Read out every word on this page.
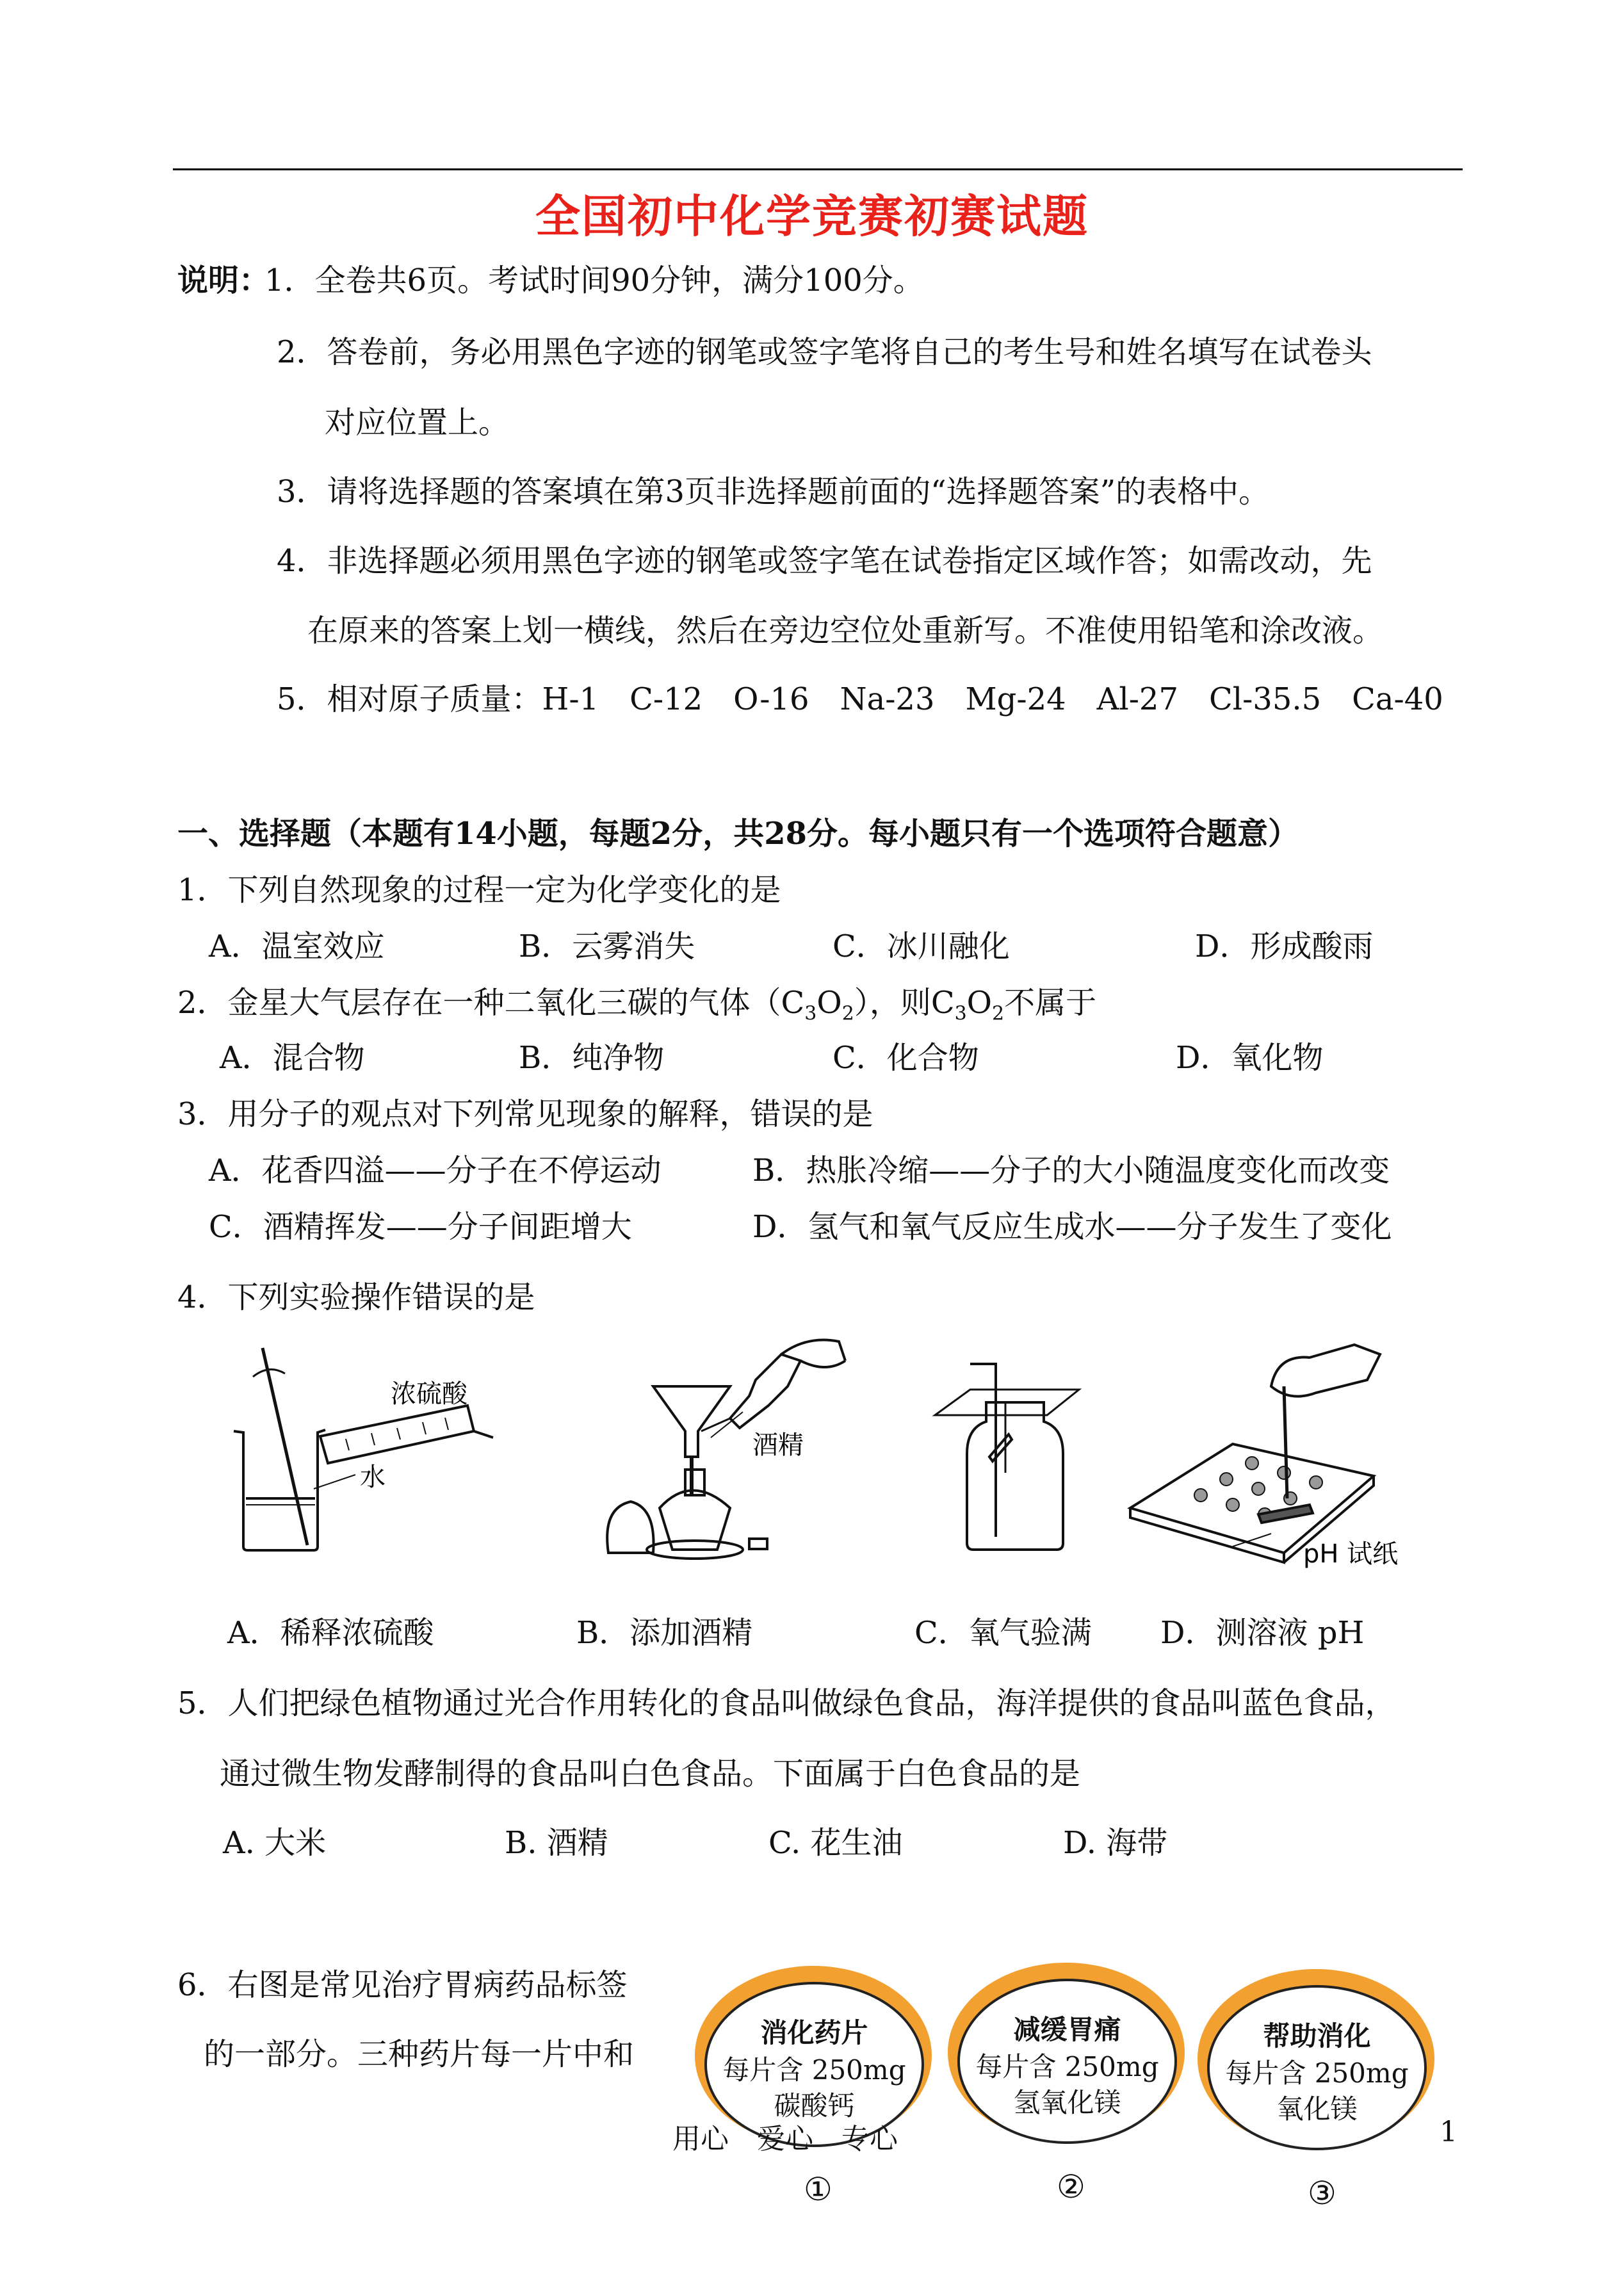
全国初中化学竞赛初赛试题
说明：
1．全卷共6页。考试时间90分钟，满分100分。
2．答卷前，务必用黑色字迹的钢笔或签字笔将自己的考生号和姓名填写在试卷头
对应位置上。
3．请将选择题的答案填在第3页非选择题前面的“选择题答案”的表格中。
4．非选择题必须用黑色字迹的钢笔或签字笔在试卷指定区域作答；如需改动，先
在原来的答案上划一横线，然后在旁边空位处重新写。不准使用铅笔和涂改液。
5．相对原子质量：H-1　C-12　O-16　Na-23　Mg-24　Al-27　Cl-35.5　Ca-40
一、选择题（本题有14小题，每题2分，共28分。每小题只有一个选项符合题意）
1．下列自然现象的过程一定为化学变化的是
A．温室效应	B．云雾消失	C．冰川融化	D．形成酸雨
2．金星大气层存在一种二氧化三碳的气体$(C_3O_2)$，则$C_3O_2$不属于
A．混合物	B．纯净物	C．化合物	D．氧化物
3．用分子的观点对下列常见现象的解释，错误的是
A．花香四溢——分子在不停运动	B．热胀冷缩——分子的大小随温度变化而改变
C．酒精挥发——分子间距增大	D．氢气和氧气反应生成水——分子发生了变化
4．下列实验操作错误的是
浓硫酸
水
酒精
pH 试纸
A．稀释浓硫酸	B．添加酒精	C．氧气验满 D．测溶液 pH
5．人们把绿色植物通过光合作用转化的食品叫做绿色食品，海洋提供的食品叫蓝色食品，
通过微生物发酵制得的食品叫白色食品。下面属于白色食品的是
A. 大米	B. 酒精	C. 花生油	D. 海带
6．右图是常见治疗胃病药品标签
的一部分。三种药片每一片中和
消化药片
每片含 250mg
碳酸钙
①
减缓胃痛
每片含 250mg
氢氧化镁
②
帮助消化
每片含 250mg
氧化镁
③
用心　爱心　专心	1
